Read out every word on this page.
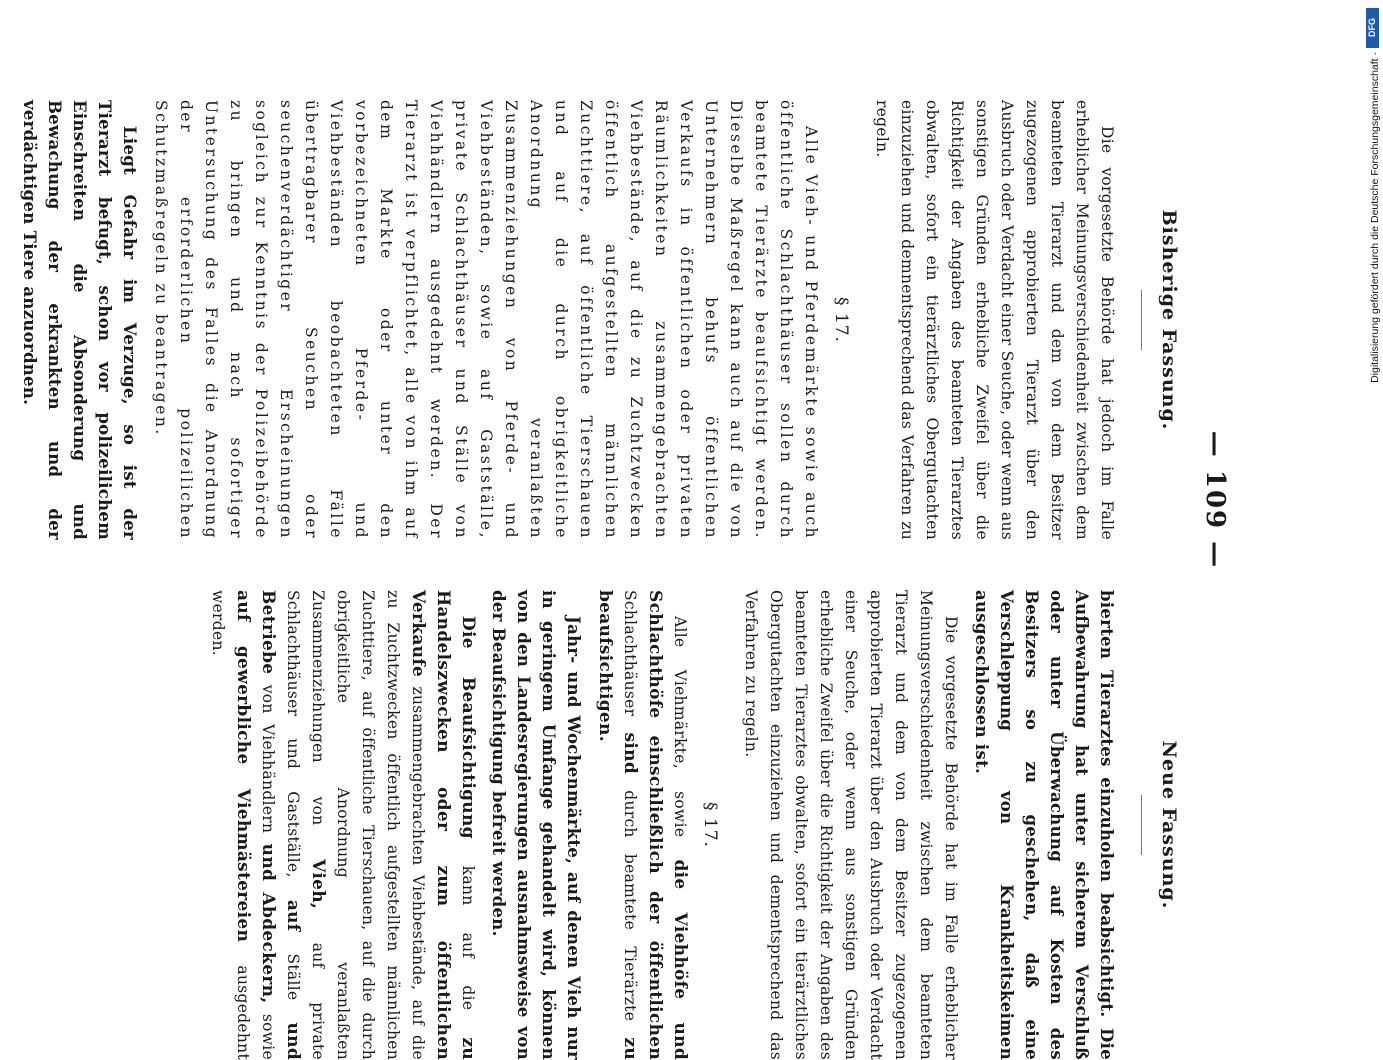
— 109 —
Bisherige Fassung.

Die vorgesetzte Behörde hat jedoch im Falle erheblicher Meinungsverschiedenheit zwischen dem beamteten Tierarzt und dem von dem Besitzer zugezogenen approbierten Tierarzt über den Ausbruch oder Verdacht einer Seuche, oder wenn aus sonstigen Gründen erhebliche Zweifel über die Richtigkeit der Angaben des beamteten Tierarztes obwalten, sofort ein tierärztliches Obergutachten einzuziehen und demnentsprechend das Verfahren zu regeln.

§ 17.

Alle Vieh- und Pferdemärkte sowie auch öffentliche Schlachthäuser sollen durch beamtete Tierärzte beaufsichtigt werden. Dieselbe Maßregel kann auch auf die von Unternehmern behufs öffentlichen Verkaufs in öffentlichen oder privaten Räumlichkeiten zusammengebrachten Viehbestände, auf die zu Zuchtzwecken öffentlich aufgestellten männlichen Zuchttiere, auf öffentliche Tierschauen und auf die durch obrigkeitliche Anordnung veranlaßten Zusammenziehungen von Pferde- und Viehbeständen, sowie auf Gastställe, private Schlachthäuser und Ställe von Viehhändlern ausgedehnt werden. Der Tierarzt ist verpflichtet, alle von ihm auf dem Markte oder unter den vorbezeichneten Pferde- und Viehbeständen beobachteten Fälle übertragbarer Seuchen oder seuchenverdächtiger Erscheinungen sogleich zur Kenntnis der Polizeibehörde zu bringen und nach sofortiger Untersuchung des Falles die Anordnung der erforderlichen polizeilichen Schutzmaßregeln zu beantragen.

Liegt Gefahr im Verzuge, so ist der Tierarzt befugt, schon vor polizeilichem Einschreiten die Absonderung und Bewachung der erkrankten und der verdächtigen Tiere anzuordnen.

Neue Fassung.

bierten Tierarztes einzuholen beabsichtigt. Die Aufbewahrung hat unter sicherem Verschluß oder unter Überwachung auf Kosten des Besitzers so zu geschehen, daß eine Verschleppung von Krankheitskeimen ausgeschlossen ist.

Die vorgesetzte Behörde hat im Falle erheblicher Meinungsverschiedenheit zwischen dem beamteten Tierarzt und dem von dem Besitzer zugezogenen approbierten Tierarzt über den Ausbruch oder Verdacht einer Seuche, oder wenn aus sonstigen Gründen erhebliche Zweifel über die Richtigkeit der Angaben des beamteten Tierarztes obwalten, sofort ein tierärztliches Obergutachten einzuziehen und dementsprechend das Verfahren zu regeln.

§ 17.

Alle Viehmärkte, sowie die Viehhöfe und Schlachthöfe einschließlich der öffentlichen Schlachthäuser sind durch beamtete Tierärzte zu beaufsichtigen.

Jahr- und Wochenmärkte, auf denen Vieh nur in geringem Umfange gehandelt wird, können von den Landesregierungen ausnahmsweise von der Beaufsichtigung befreit werden.

Die Beaufsichtigung kann auf die zu Handelszwecken oder zum öffentlichen Verkaufe zusammengebrachten Viehbestände, auf die zu Zuchtzwecken öffentlich aufgestellten männlichen Zuchttiere, auf öffentliche Tierschauen, auf die durch obrigkeitliche Anordnung veranlaßten Zusammenziehungen von Vieh, auf private Schlachthäuser und Gastställe, auf Ställe und Betriebe von Viehhändlern und Abdeckern, sowie auf gewerbliche Viehmästereien ausgedehnt werden.

DFG
Digitalisierung gefördert durch die Deutsche Forschungsgemeinschaft ·
